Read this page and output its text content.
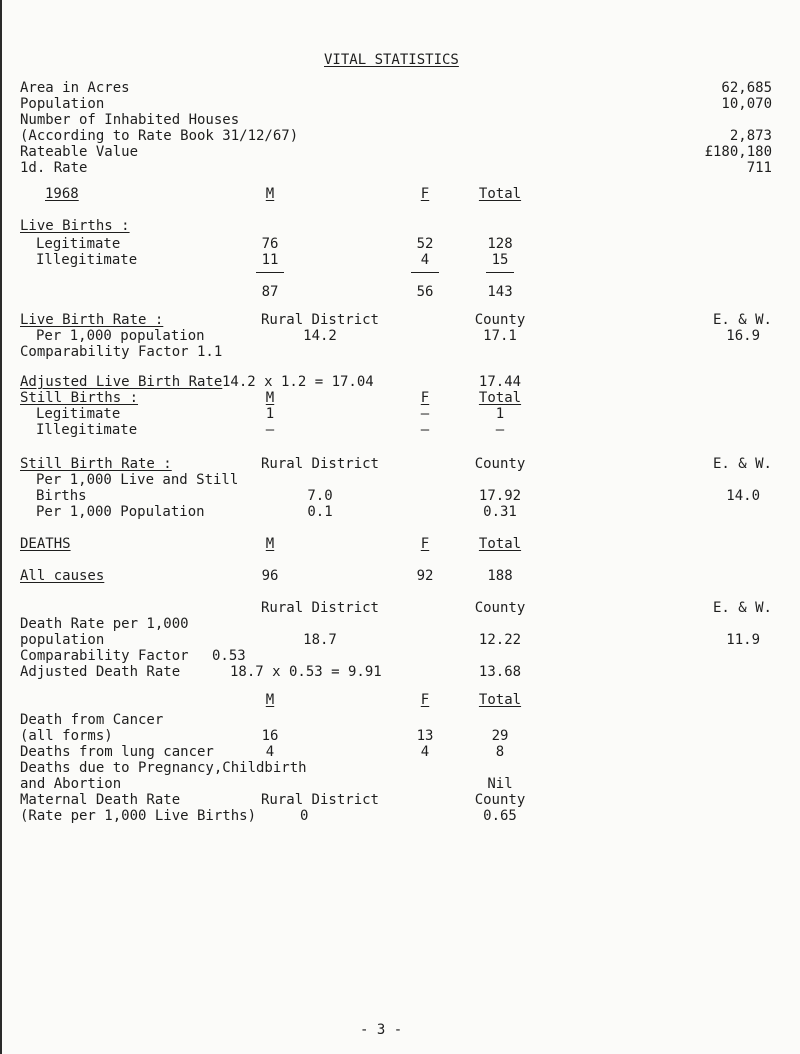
VITAL STATISTICS
Area in Acres	62,685
Population	10,070
Number of Inhabited Houses
(According to Rate Book 31/12/67)	2,873
Rateable Value	£180,180
1d. Rate	711
1968	M	F	Total
Live Births :
Legitimate	76	52	128
Illegitimate	11	4	15
87	56	143
Live Birth Rate :	Rural District	County	E. & W.
Per 1,000 population	14.2	17.1	16.9
Comparability Factor 1.1
Adjusted Live Birth Rate 14.2 x 1.2 = 17.04	17.44
Still Births :	M	F	Total
Legitimate	1	–	1
Illegitimate	–	–	–
Still Birth Rate :	Rural District	County	E. & W.
Per 1,000 Live and Still
Births	7.0	17.92	14.0
Per 1,000 Population	0.1	0.31
DEATHS	M	F	Total
All causes	96	92	188
Rural District	County	E. & W.
Death Rate per 1,000
population	18.7	12.22	11.9
Comparability Factor 0.53
Adjusted Death Rate	18.7 x 0.53 = 9.91	13.68
M	F	Total
Death from Cancer
(all forms)	16	13	29
Deaths from lung cancer	4	4	8
Deaths due to Pregnancy,Childbirth
and Abortion	Nil
Maternal Death Rate	Rural District	County
(Rate per 1,000 Live Births)	0	0.65
- 3 -
